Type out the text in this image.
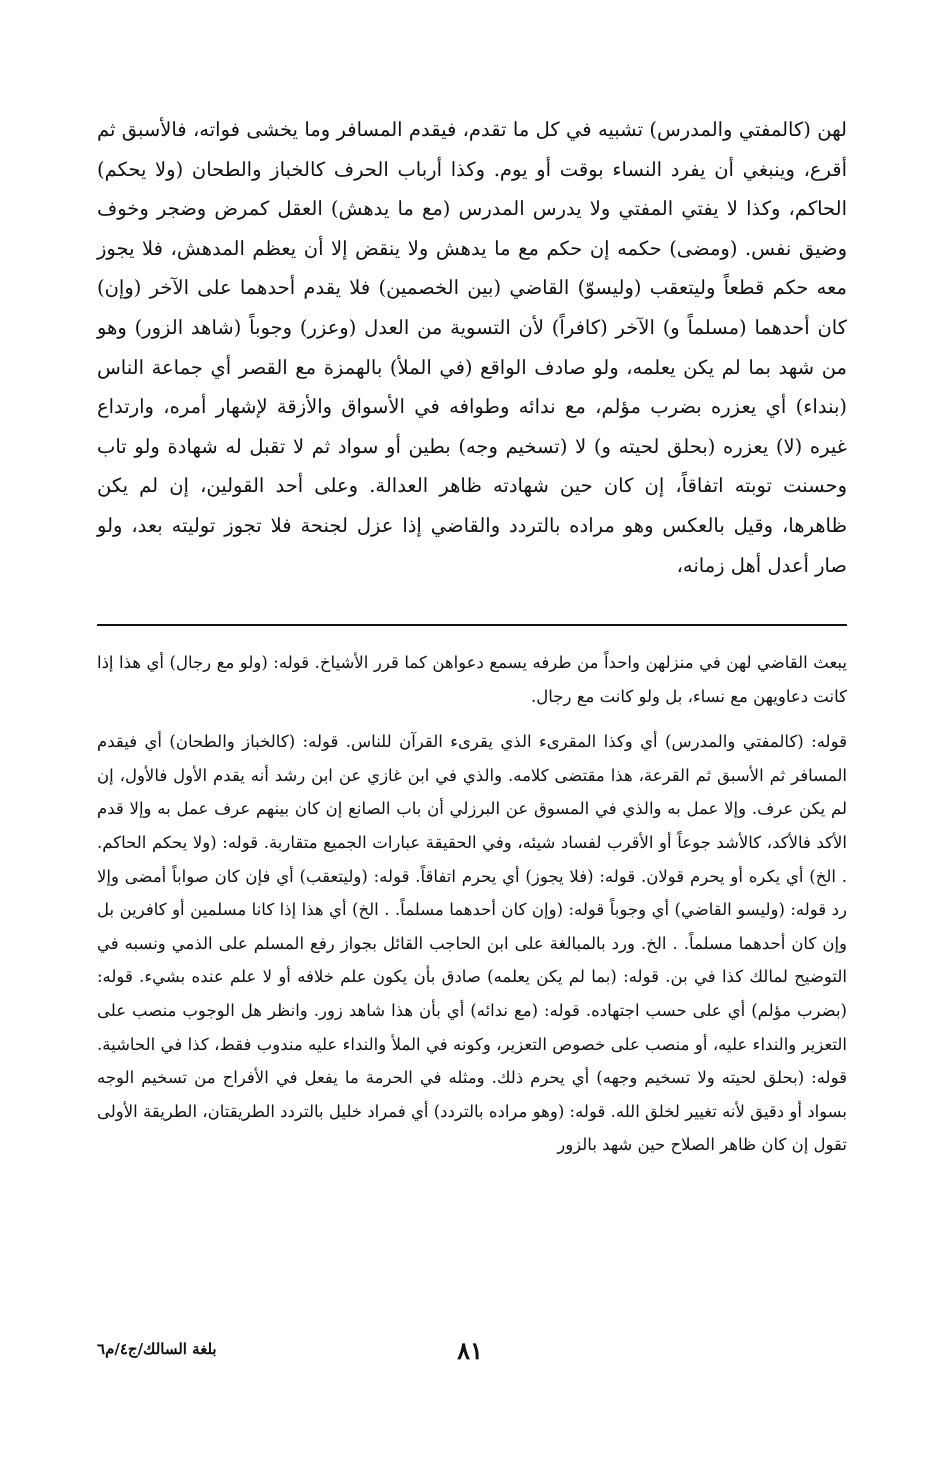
لهن (كالمفتي والمدرس) تشبيه في كل ما تقدم، فيقدم المسافر وما يخشى فواته، فالأسبق ثم أقرع، وينبغي أن يفرد النساء بوقت أو يوم. وكذا أرباب الحرف كالخباز والطحان (ولا يحكم) الحاكم، وكذا لا يفتي المفتي ولا يدرس المدرس (مع ما يدهش) العقل كمرض وضجر وخوف وضيق نفس. (ومضى) حكمه إن حكم مع ما يدهش ولا ينقض إلا أن يعظم المدهش، فلا يجوز معه حكم قطعاً وليتعقب (وليسوّ) القاضي (بين الخصمين) فلا يقدم أحدهما على الآخر (وإن) كان أحدهما (مسلماً و) الآخر (كافراً) لأن التسوية من العدل (وعزر) وجوباً (شاهد الزور) وهو من شهد بما لم يكن يعلمه، ولو صادف الواقع (في الملأ) بالهمزة مع القصر أي جماعة الناس (بنداء) أي يعزره بضرب مؤلم، مع ندائه وطوافه في الأسواق والأزقة لإشهار أمره، وارتداع غيره (لا) يعزره (بحلق لحيته و) لا (تسخيم وجه) بطين أو سواد ثم لا تقبل له شهادة ولو تاب وحسنت توبته اتفاقاً، إن كان حين شهادته ظاهر العدالة. وعلى أحد القولين، إن لم يكن ظاهرها، وقيل بالعكس وهو مراده بالتردد والقاضي إذا عزل لجنحة فلا تجوز توليته بعد، ولو صار أعدل أهل زمانه،

يبعث القاضي لهن في منزلهن واحداً من طرفه يسمع دعواهن كما قرر الأشياخ. قوله: (ولو مع رجال) أي هذا إذا كانت دعاويهن مع نساء، بل ولو كانت مع رجال.

قوله: (كالمفتي والمدرس) أي وكذا المقرىء الذي يقرىء القرآن للناس. قوله: (كالخباز والطحان) أي فيقدم المسافر ثم الأسبق ثم القرعة، هذا مقتضى كلامه. والذي في ابن غازي عن ابن رشد أنه يقدم الأول فالأول، إن لم يكن عرف. وإلا عمل به والذي في المسوق عن البرزلي أن باب الصانع إن كان بينهم عرف عمل به وإلا قدم الأكد فالأكد، كالأشد جوعاً أو الأقرب لفساد شيئه، وفي الحقيقة عبارات الجميع متقاربة. قوله: (ولا يحكم الحاكم. . الخ) أي يكره أو يحرم قولان. قوله: (فلا يجوز) أي يحرم اتفاقاً. قوله: (وليتعقب) أي فإن كان صواباً أمضى وإلا رد قوله: (وليسو القاضي) أي وجوباً قوله: (وإن كان أحدهما مسلماً. . الخ) أي هذا إذا كانا مسلمين أو كافرين بل وإن كان أحدهما مسلماً. . الخ. ورد بالمبالغة على ابن الحاجب القائل بجواز رفع المسلم على الذمي ونسبه في التوضيح لمالك كذا في بن. قوله: (بما لم يكن يعلمه) صادق بأن يكون علم خلافه أو لا علم عنده بشيء. قوله: (بضرب مؤلم) أي على حسب اجتهاده. قوله: (مع ندائه) أي بأن هذا شاهد زور. وانظر هل الوجوب منصب على التعزير والنداء عليه، أو منصب على خصوص التعزير، وكونه في الملأ والنداء عليه مندوب فقط، كذا في الحاشية. قوله: (بحلق لحيته ولا تسخيم وجهه) أي يحرم ذلك. ومثله في الحرمة ما يفعل في الأفراح من تسخيم الوجه بسواد أو دقيق لأنه تغيير لخلق الله. قوله: (وهو مراده بالتردد) أي فمراد خليل بالتردد الطريقتان، الطريقة الأولى تقول إن كان ظاهر الصلاح حين شهد بالزور

٨١
بلغة السالك/ج٤/م٦
